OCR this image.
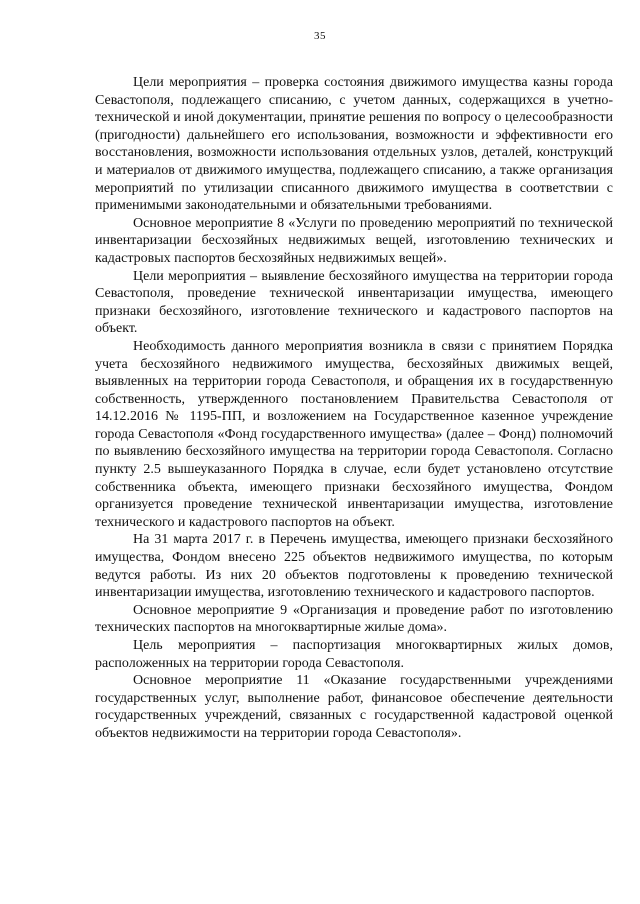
35

Цели мероприятия – проверка состояния движимого имущества казны города Севастополя, подлежащего списанию, с учетом данных, содержащихся в учетно-технической и иной документации, принятие решения по вопросу о целесообразности (пригодности) дальнейшего его использования, возможности и эффективности его восстановления, возможности использования отдельных узлов, деталей, конструкций и материалов от движимого имущества, подлежащего списанию, а также организация мероприятий по утилизации списанного движимого имущества в соответствии с применимыми законодательными и обязательными требованиями.

Основное мероприятие 8 «Услуги по проведению мероприятий по технической инвентаризации бесхозяйных недвижимых вещей, изготовлению технических и кадастровых паспортов бесхозяйных недвижимых вещей».

Цели мероприятия – выявление бесхозяйного имущества на территории города Севастополя, проведение технической инвентаризации имущества, имеющего признаки бесхозяйного, изготовление технического и кадастрового паспортов на объект.

Необходимость данного мероприятия возникла в связи с принятием Порядка учета бесхозяйного недвижимого имущества, бесхозяйных движимых вещей, выявленных на территории города Севастополя, и обращения их в государственную собственность, утвержденного постановлением Правительства Севастополя от 14.12.2016 № 1195-ПП, и возложением на Государственное казенное учреждение города Севастополя «Фонд государственного имущества» (далее – Фонд) полномочий по выявлению бесхозяйного имущества на территории города Севастополя. Согласно пункту 2.5 вышеуказанного Порядка в случае, если будет установлено отсутствие собственника объекта, имеющего признаки бесхозяйного имущества, Фондом организуется проведение технической инвентаризации имущества, изготовление технического и кадастрового паспортов на объект.

На 31 марта 2017 г. в Перечень имущества, имеющего признаки бесхозяйного имущества, Фондом внесено 225 объектов недвижимого имущества, по которым ведутся работы. Из них 20 объектов подготовлены к проведению технической инвентаризации имущества, изготовлению технического и кадастрового паспортов.

Основное мероприятие 9 «Организация и проведение работ по изготовлению технических паспортов на многоквартирные жилые дома».

Цель мероприятия – паспортизация многоквартирных жилых домов, расположенных на территории города Севастополя.

Основное мероприятие 11 «Оказание государственными учреждениями государственных услуг, выполнение работ, финансовое обеспечение деятельности государственных учреждений, связанных с государственной кадастровой оценкой объектов недвижимости на территории города Севастополя».
